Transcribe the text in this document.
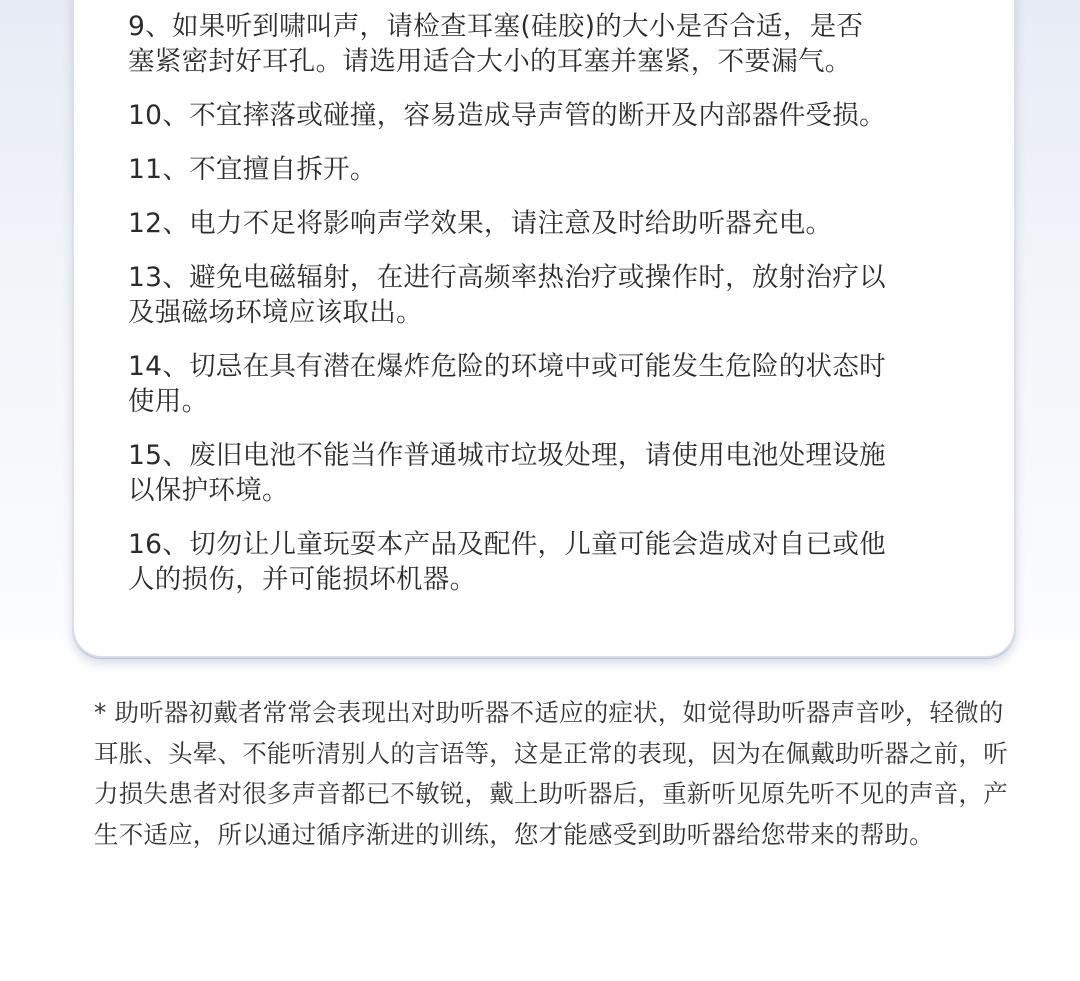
9、如果听到啸叫声，请检查耳塞(硅胶)的大小是否合适，是否
塞紧密封好耳孔。请选用适合大小的耳塞并塞紧，不要漏气。
10、不宜摔落或碰撞，容易造成导声管的断开及内部器件受损。
11、不宜擅自拆开。
12、电力不足将影响声学效果，请注意及时给助听器充电。
13、避免电磁辐射，在进行高频率热治疗或操作时，放射治疗以
及强磁场环境应该取出。
14、切忌在具有潜在爆炸危险的环境中或可能发生危险的状态时
使用。
15、废旧电池不能当作普通城市垃圾处理，请使用电池处理设施
以保护环境。
16、切勿让儿童玩耍本产品及配件，儿童可能会造成对自已或他
人的损伤，并可能损坏机器。

* 助听器初戴者常常会表现出对助听器不适应的症状，如觉得助听器声音吵，轻微的耳胀、头晕、不能听清别人的言语等，这是正常的表现，因为在佩戴助听器之前，听力损失患者对很多声音都已不敏锐，戴上助听器后，重新听见原先听不见的声音，产生不适应，所以通过循序渐进的训练，您才能感受到助听器给您带来的帮助。
